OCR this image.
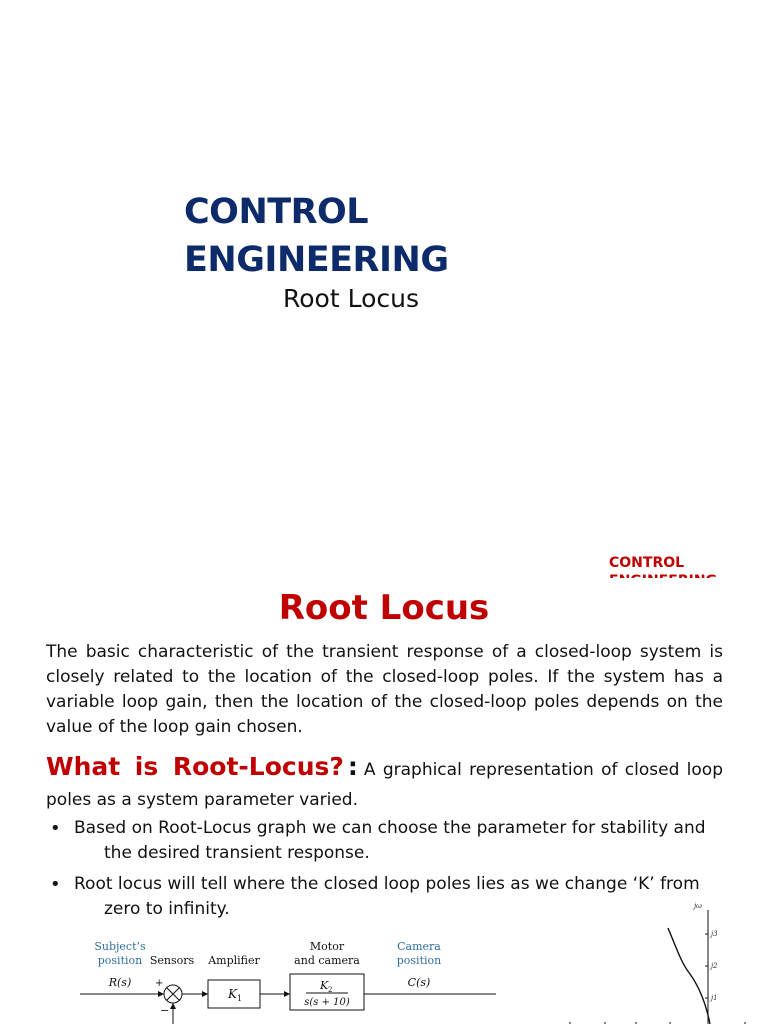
CONTROL ENGINEERING
Root Locus
CONTROL
Root Locus

The basic characteristic of the transient response of a closed-loop system is closely related to the location of the closed-loop poles. If the system has a variable loop gain, then the location of the closed-loop poles depends on the value of the loop gain chosen.

What is Root-Locus? : A graphical representation of closed loop poles as a system parameter varied.
• Based on Root-Locus graph we can choose the parameter for stability and
the desired transient response.
• Root locus will tell where the closed loop poles lies as we change ‘K’ from
zero to infinity.
Subject’s
position
Camera
position
Sensors Amplifier
Motor
and camera
R(s)	C(s)
+
−
K 1
K 2
s(s + 10)
jω
j3
j2
j1
